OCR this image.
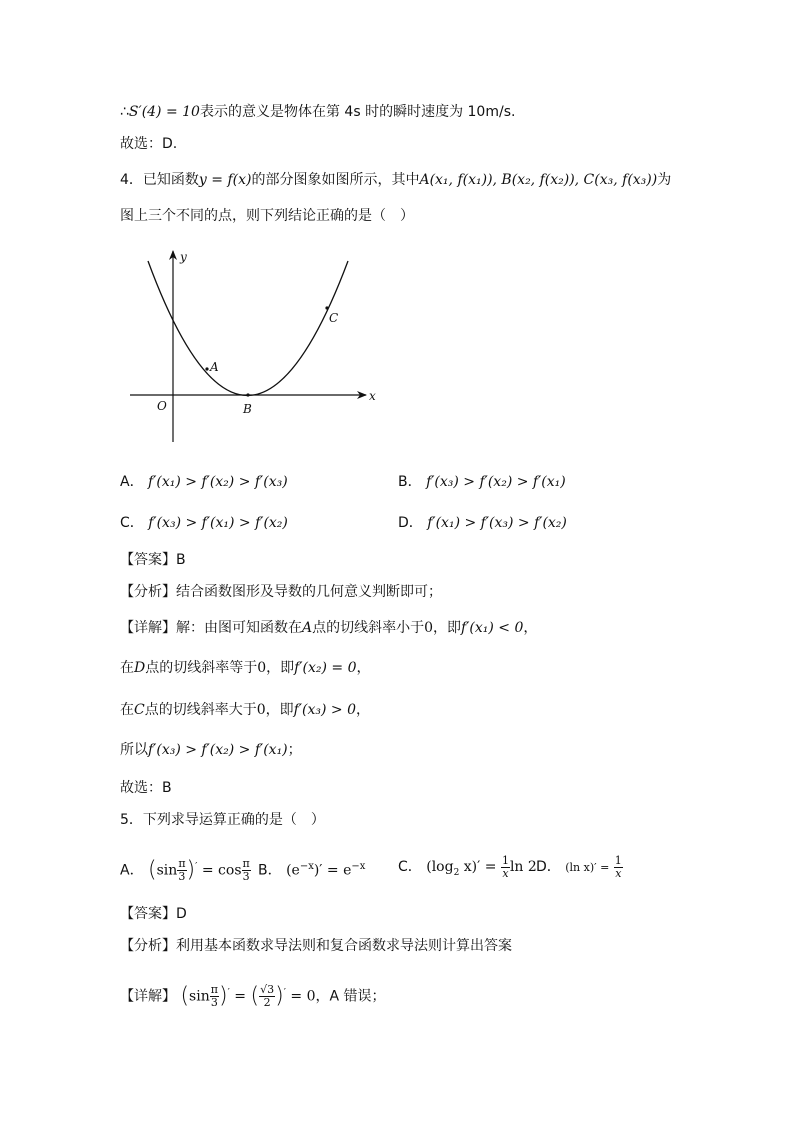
∴S′(4) = 10表示的意义是物体在第 4s 时的瞬时速度为 10m/s.
故选：D.
4．已知函数y = f(x)的部分图象如图所示，其中A(x₁, f(x₁)), B(x₂, f(x₂)), C(x₃, f(x₃))为
图上三个不同的点，则下列结论正确的是（　）
y
x
O
A
B
C
A． f′(x₁) > f′(x₂) > f′(x₃)	B． f′(x₃) > f′(x₂) > f′(x₁)
C． f′(x₃) > f′(x₁) > f′(x₂)	D． f′(x₁) > f′(x₃) > f′(x₂)
【答案】B
【分析】结合函数图形及导数的几何意义判断即可；
【详解】解：由图可知函数在A点的切线斜率小于0，即f′(x₁) < 0，
在D点的切线斜率等于0，即f′(x₂) = 0，
在C点的切线斜率大于0，即f′(x₃) > 0，
所以f′(x₃) > f′(x₂) > f′(x₁)；
故选：B
5．下列求导运算正确的是（　）
A． $(\sin \frac{\pi}{3} )' = \cos \frac{\pi}{3}$ B． $(e^{-x})' = e^{-x}$ C． ($\log_2$ $x)' = \frac{1}{x}$ ln 2 D． (ln $x)' = \frac{1}{x}$
【答案】D
【分析】利用基本函数求导法则和复合函数求导法则计算出答案
【详解】 $(\sin \frac{\pi}{3} )'$ = ( $\frac{√3}{2} )' = 0$，A 错误；
